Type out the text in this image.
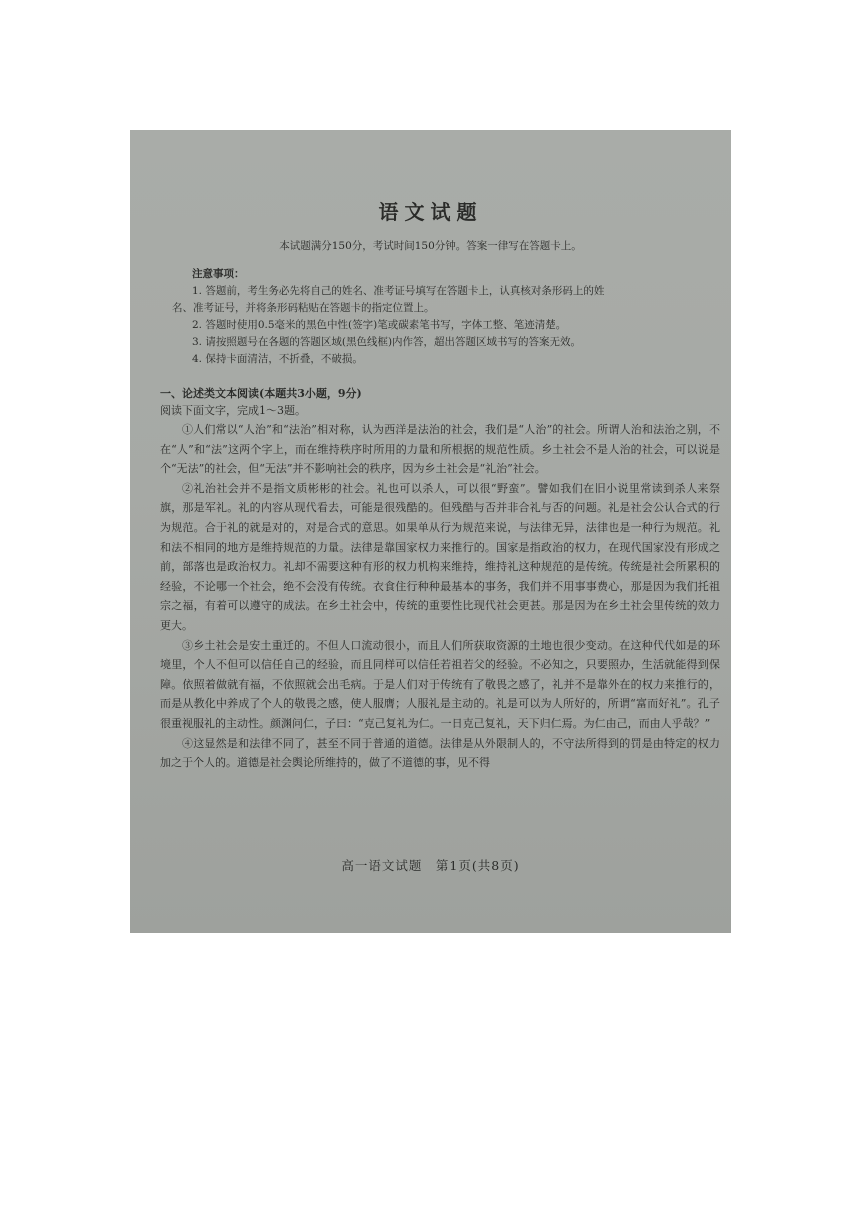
语文试题
本试题满分150分，考试时间150分钟。答案一律写在答题卡上。
注意事项：
1. 答题前，考生务必先将自己的姓名、准考证号填写在答题卡上，认真核对条形码上的姓
名、准考证号，并将条形码粘贴在答题卡的指定位置上。
2. 答题时使用0.5毫米的黑色中性(签字)笔或碳素笔书写，字体工整、笔迹清楚。
3. 请按照题号在各题的答题区域(黑色线框)内作答，超出答题区域书写的答案无效。
4. 保持卡面清洁，不折叠，不破损。
一、论述类文本阅读(本题共3小题，9分)
阅读下面文字，完成1～3题。

①人们常以“人治”和“法治”相对称，认为西洋是法治的社会，我们是“人治”的社会。所谓人治和法治之别，不在“人”和“法”这两个字上，而在维持秩序时所用的力量和所根据的规范性质。乡土社会不是人治的社会，可以说是个“无法”的社会，但“无法”并不影响社会的秩序，因为乡土社会是“礼治”社会。

②礼治社会并不是指文质彬彬的社会。礼也可以杀人，可以很“野蛮”。譬如我们在旧小说里常读到杀人来祭旗，那是军礼。礼的内容从现代看去，可能是很残酷的。但残酷与否并非合礼与否的问题。礼是社会公认合式的行为规范。合于礼的就是对的，对是合式的意思。如果单从行为规范来说，与法律无异，法律也是一种行为规范。礼和法不相同的地方是维持规范的力量。法律是靠国家权力来推行的。国家是指政治的权力，在现代国家没有形成之前，部落也是政治权力。礼却不需要这种有形的权力机构来维持，维持礼这种规范的是传统。传统是社会所累积的经验，不论哪一个社会，绝不会没有传统。衣食住行种种最基本的事务，我们并不用事事费心，那是因为我们托祖宗之福，有着可以遵守的成法。在乡土社会中，传统的重要性比现代社会更甚。那是因为在乡土社会里传统的效力更大。

③乡土社会是安土重迁的。不但人口流动很小，而且人们所获取资源的土地也很少变动。在这种代代如是的环境里，个人不但可以信任自己的经验，而且同样可以信任若祖若父的经验。不必知之，只要照办，生活就能得到保障。依照着做就有福，不依照就会出毛病。于是人们对于传统有了敬畏之感了，礼并不是靠外在的权力来推行的，而是从教化中养成了个人的敬畏之感，使人服膺；人服礼是主动的。礼是可以为人所好的，所谓“富而好礼”。孔子很重视服礼的主动性。颜渊问仁，子曰：“克己复礼为仁。一日克己复礼，天下归仁焉。为仁由己，而由人乎哉？”

④这显然是和法律不同了，甚至不同于普通的道德。法律是从外限制人的，不守法所得到的罚是由特定的权力加之于个人的。道德是社会舆论所维持的，做了不道德的事，见不得

高一语文试题　第1页(共8页)
